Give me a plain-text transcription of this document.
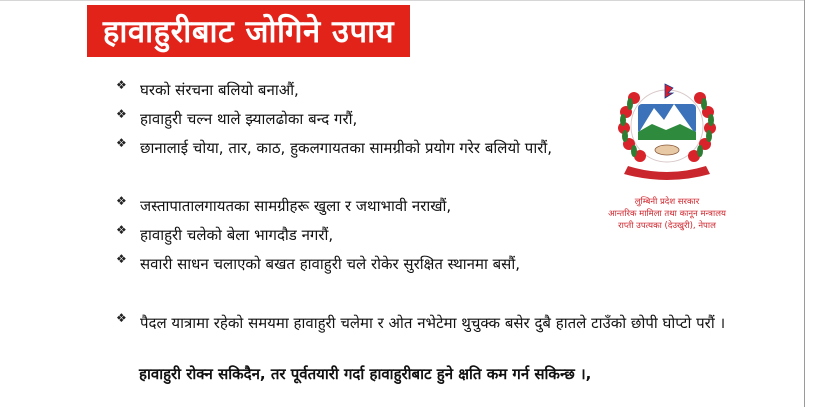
हावाहुरीबाट जोगिने उपाय
❖ घरको संरचना बलियो बनाऔं,
❖ हावाहुरी चल्न थाले झ्यालढोका बन्द गरौं,
❖ छानालाई चोया, तार, काठ, हुकलगायतका सामग्रीको प्रयोग गरेर बलियो पारौं,
❖ जस्तापातालगायतका सामग्रीहरू खुला र जथाभावी नराखौं,
❖ हावाहुरी चलेको बेला भागदौड नगरौं,
❖ सवारी साधन चलाएको बखत हावाहुरी चले रोकेर सुरक्षित स्थानमा बसौं,
❖ पैदल यात्रामा रहेको समयमा हावाहुरी चलेमा र ओत नभेटेमा थुचुक्क बसेर दुबै हातले टाउँको छोपी घोप्टो परौं ।
हावाहुरी रोक्न सकिदैन, तर पूर्वतयारी गर्दा हावाहुरीबाट हुने क्षति कम गर्न सकिन्छ ।,
लुम्बिनी प्रदेश सरकार
आन्तरिक मामिला तथा कानून मन्त्रालय
राप्ती उपत्यका (देउखुरी), नेपाल
